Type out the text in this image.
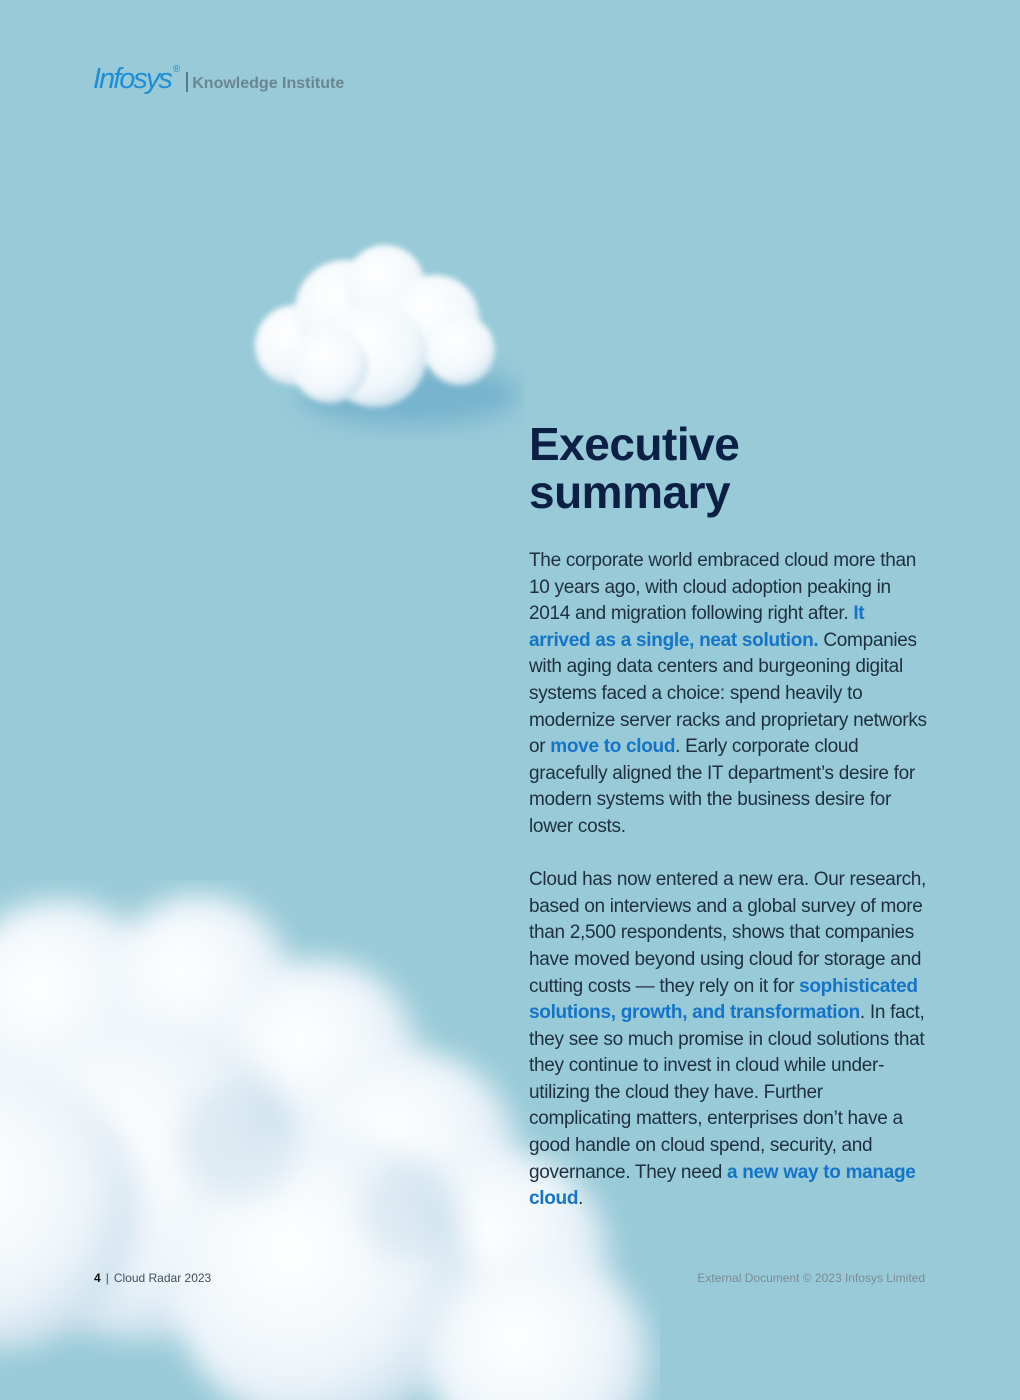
Infosys ®
Knowledge Institute
Executive
summary

The corporate world embraced cloud more than 10 years ago, with cloud adoption peaking in 2014 and migration following right after. It arrived as a single, neat solution. Companies with aging data centers and burgeoning digital systems faced a choice: spend heavily to modernize server racks and proprietary networks or move to cloud. Early corporate cloud gracefully aligned the IT department’s desire for modern systems with the business desire for lower costs.

Cloud has now entered a new era. Our research, based on interviews and a global survey of more than 2,500 respondents, shows that companies have moved beyond using cloud for storage and cutting costs — they rely on it for sophisticated solutions, growth, and transformation. In fact, they see so much promise in cloud solutions that they continue to invest in cloud while under-utilizing the cloud they have. Further complicating matters, enterprises don’t have a good handle on cloud spend, security, and governance. They need a new way to manage cloud.

4 | Cloud Radar 2023	External Document © 2023 Infosys Limited
